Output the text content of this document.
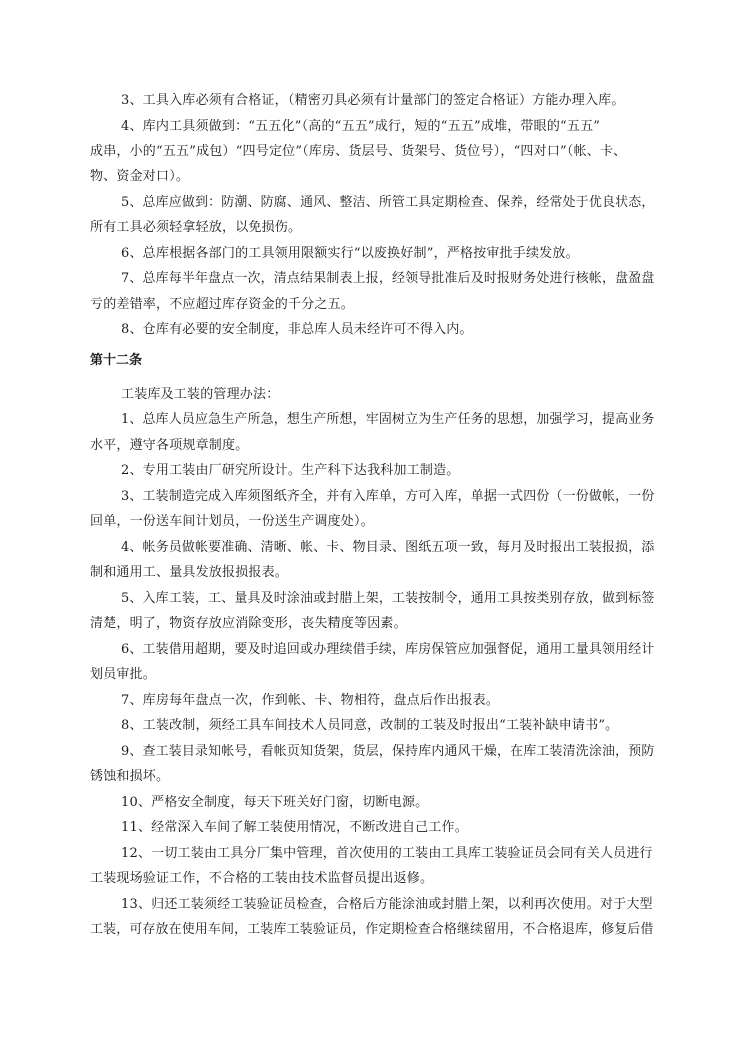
3、工具入库必须有合格证，（精密刃具必须有计量部门的签定合格证）方能办理入库。
4、库内工具须做到：“五五化”（高的“五五”成行，短的“五五”成堆，带眼的“五五”
成串，小的“五五”成包）“四号定位”（库房、货层号、货架号、货位号），“四对口”（帐、卡、
物、资金对口）。
5、总库应做到：防潮、防腐、通风、整洁、所管工具定期检查、保养，经常处于优良状态，
所有工具必须轻拿轻放，以免损伤。
6、总库根据各部门的工具领用限额实行“以废换好制”，严格按审批手续发放。
7、总库每半年盘点一次，清点结果制表上报，经领导批准后及时报财务处进行核帐，盘盈盘
亏的差错率，不应超过库存资金的千分之五。
8、仓库有必要的安全制度，非总库人员未经许可不得入内。
第十二条
工装库及工装的管理办法：
1、总库人员应急生产所急，想生产所想，牢固树立为生产任务的思想，加强学习，提高业务
水平，遵守各项规章制度。
2、专用工装由厂研究所设计。生产科下达我科加工制造。
3、工装制造完成入库须图纸齐全，并有入库单，方可入库，单据一式四份（一份做帐，一份
回单，一份送车间计划员，一份送生产调度处）。
4、帐务员做帐要准确、清晰、帐、卡、物目录、图纸五项一致，每月及时报出工装报损，添
制和通用工、量具发放报损报表。
5、入库工装，工、量具及时涂油或封腊上架，工装按制令，通用工具按类别存放，做到标签
清楚，明了，物资存放应消除变形，丧失精度等因素。
6、工装借用超期，要及时追回或办理续借手续，库房保管应加强督促，通用工量具领用经计
划员审批。
7、库房每年盘点一次，作到帐、卡、物相符，盘点后作出报表。
8、工装改制，须经工具车间技术人员同意，改制的工装及时报出“工装补缺申请书”。
9、查工装目录知帐号，看帐页知货架，货层，保持库内通风干燥，在库工装清洗涂油，预防
锈蚀和损坏。
10、严格安全制度，每天下班关好门窗，切断电源。
11、经常深入车间了解工装使用情况，不断改进自己工作。
12、一切工装由工具分厂集中管理，首次使用的工装由工具库工装验证员会同有关人员进行
工装现场验证工作，不合格的工装由技术监督员提出返修。
13、归还工装须经工装验证员检查，合格后方能涂油或封腊上架，以利再次使用。对于大型
工装，可存放在使用车间，工装库工装验证员，作定期检查合格继续留用，不合格退库，修复后借
